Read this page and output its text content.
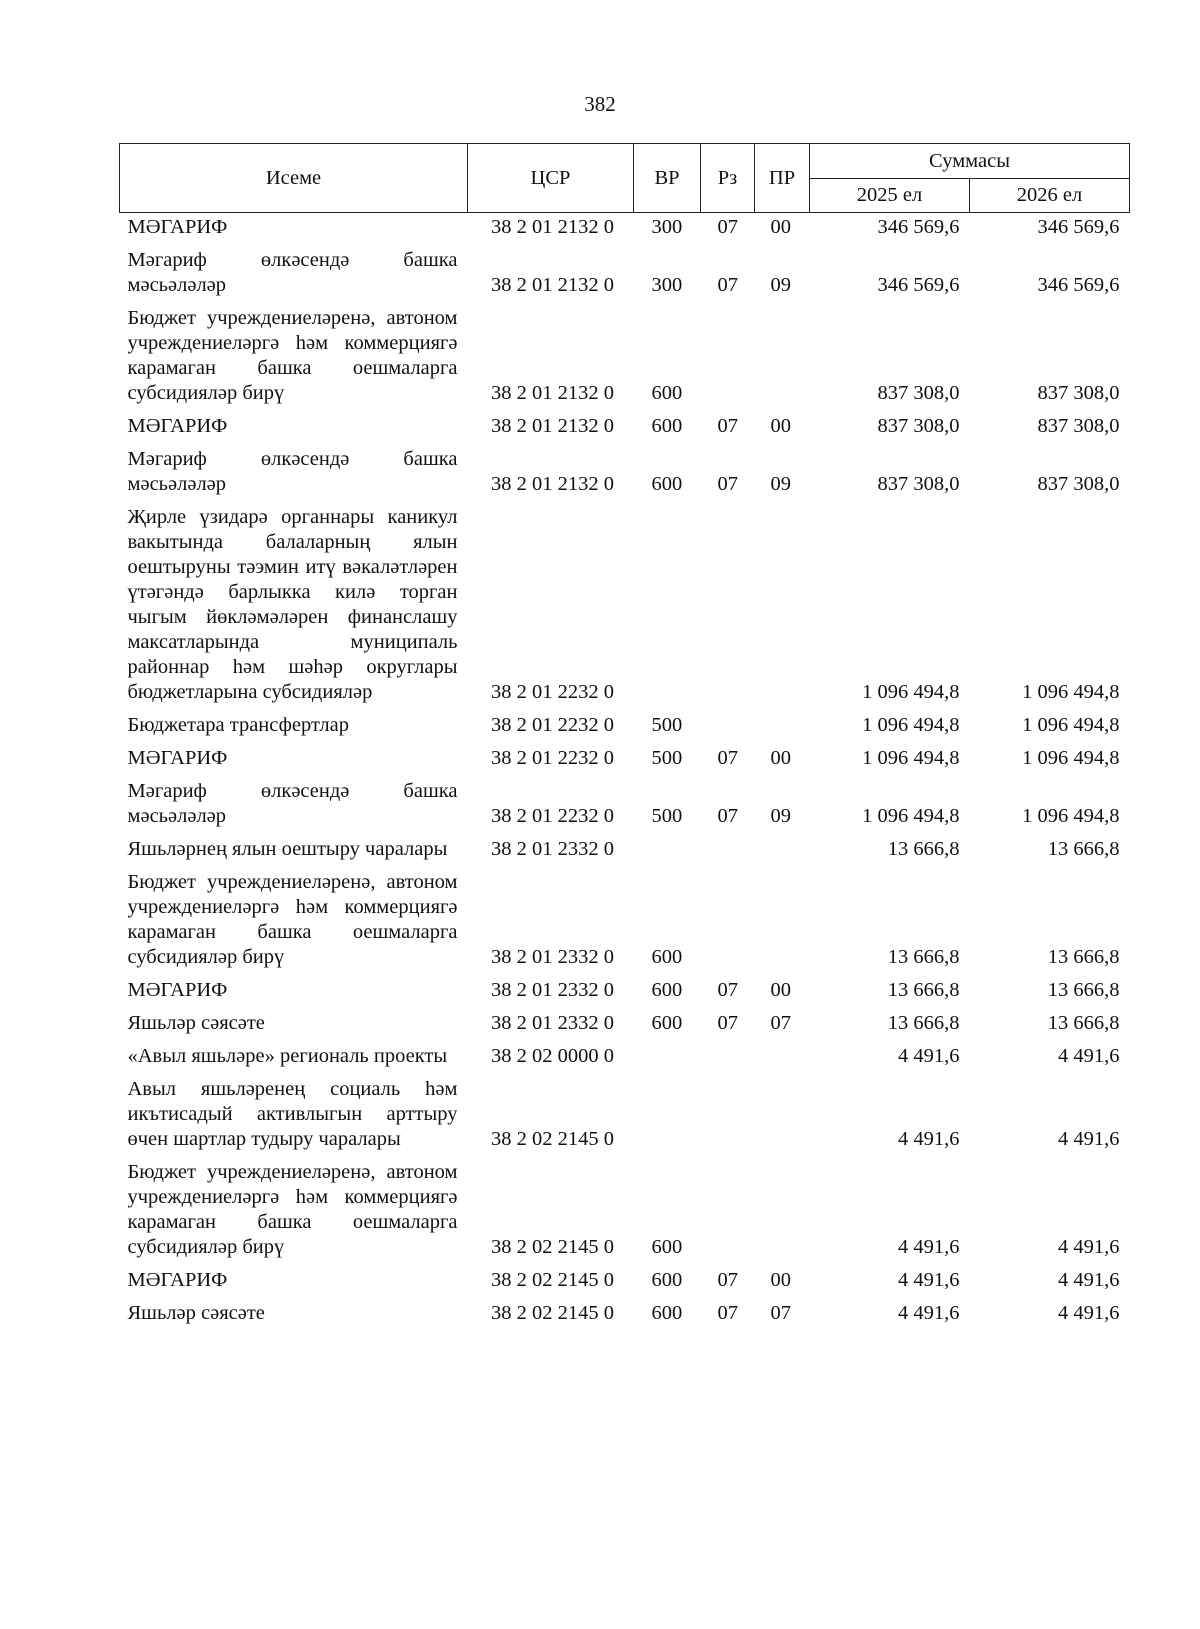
382
Исеме	ЦСР	ВР	Рз	ПР	Суммасы	
					2025 ел	2026 ел
МӘГАРИФ	38 2 01 2132 0	300	07	00	346 569,6	346 569,6
Мәгариф өлкәсендә башка мәсьәләләр	38 2 01 2132 0	300	07	09	346 569,6	346 569,6
Бюджет учреждениеләренә, автоном учреждениеләргә һәм коммерциягә карамаган башка оешмаларга субсидияләр бирү	38 2 01 2132 0	600			837 308,0	837 308,0
МӘГАРИФ	38 2 01 2132 0	600	07	00	837 308,0	837 308,0
Мәгариф өлкәсендә башка мәсьәләләр	38 2 01 2132 0	600	07	09	837 308,0	837 308,0
Җирле үзидарә органнары каникул вакытында балаларның ялын оештыруны тәэмин итү вәкаләтләрен үтәгәндә барлыкка килә торган чыгым йөкләмәләрен финанслашу максатларында муниципаль районнар һәм шәһәр округлары бюджетларына субсидияләр	38 2 01 2232 0				1 096 494,8	1 096 494,8
Бюджетара трансфертлар	38 2 01 2232 0	500			1 096 494,8	1 096 494,8
МӘГАРИФ	38 2 01 2232 0	500	07	00	1 096 494,8	1 096 494,8
Мәгариф өлкәсендә башка мәсьәләләр	38 2 01 2232 0	500	07	09	1 096 494,8	1 096 494,8
Яшьләрнең ялын оештыру чаралары	38 2 01 2332 0				13 666,8	13 666,8
Бюджет учреждениеләренә, автоном учреждениеләргә һәм коммерциягә карамаган башка оешмаларга субсидияләр бирү	38 2 01 2332 0	600			13 666,8	13 666,8
МӘГАРИФ	38 2 01 2332 0	600	07	00	13 666,8	13 666,8
Яшьләр сәясәте	38 2 01 2332 0	600	07	07	13 666,8	13 666,8
«Авыл яшьләре» региональ проекты	38 2 02 0000 0				4 491,6	4 491,6
Авыл яшьләренең социаль һәм икътисадый активлыгын арттыру өчен шартлар тудыру чаралары	38 2 02 2145 0				4 491,6	4 491,6
Бюджет учреждениеләренә, автоном учреждениеләргә һәм коммерциягә карамаган башка оешмаларга субсидияләр бирү	38 2 02 2145 0	600			4 491,6	4 491,6
МӘГАРИФ	38 2 02 2145 0	600	07	00	4 491,6	4 491,6
Яшьләр сәясәте	38 2 02 2145 0	600	07	07	4 491,6	4 491,6
